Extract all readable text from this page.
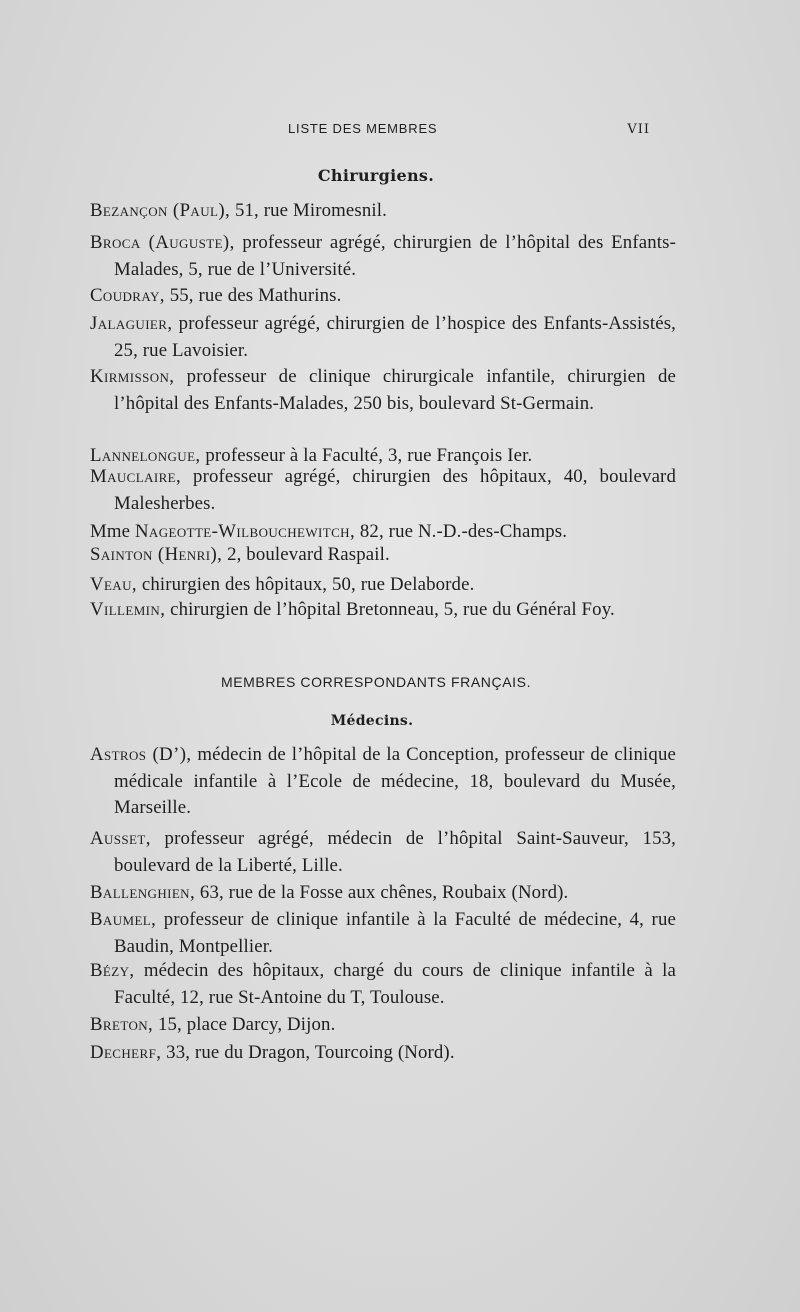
LISTE DES MEMBRES	VII
Chirurgiens.
Bezançon (Paul), 51, rue Miromesnil.
Broca (Auguste), professeur agrégé, chirurgien de l’hôpital des Enfants-Malades, 5, rue de l’Université.
Coudray, 55, rue des Mathurins.
Jalaguier, professeur agrégé, chirurgien de l’hospice des Enfants-Assistés, 25, rue Lavoisier.
Kirmisson, professeur de clinique chirurgicale infantile, chirurgien de l’hôpital des Enfants-Malades, 250 bis, boulevard St-Germain.
Lannelongue, professeur à la Faculté, 3, rue François Ier.
Mauclaire, professeur agrégé, chirurgien des hôpitaux, 40, boulevard Malesherbes.
Mme Nageotte-Wilbouchewitch, 82, rue N.-D.-des-Champs.
Sainton (Henri), 2, boulevard Raspail.
Veau, chirurgien des hôpitaux, 50, rue Delaborde.
Villemin, chirurgien de l’hôpital Bretonneau, 5, rue du Général Foy.
MEMBRES CORRESPONDANTS FRANÇAIS.
Médecins.
Astros (D’), médecin de l’hôpital de la Conception, professeur de clinique médicale infantile à l’Ecole de médecine, 18, boulevard du Musée, Marseille.
Ausset, professeur agrégé, médecin de l’hôpital Saint-Sauveur, 153, boulevard de la Liberté, Lille.
Ballenghien, 63, rue de la Fosse aux chênes, Roubaix (Nord).
Baumel, professeur de clinique infantile à la Faculté de médecine, 4, rue Baudin, Montpellier.
Bézy, médecin des hôpitaux, chargé du cours de clinique infantile à la Faculté, 12, rue St-Antoine du T, Toulouse.
Breton, 15, place Darcy, Dijon.
Decherf, 33, rue du Dragon, Tourcoing (Nord).
